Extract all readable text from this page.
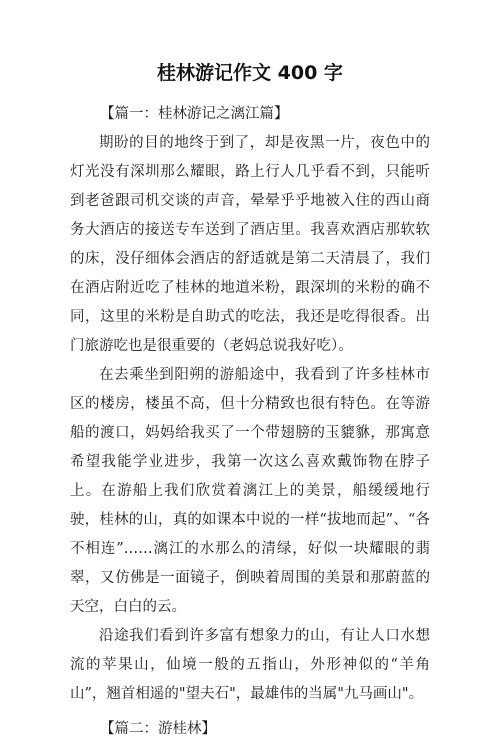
桂林游记作文 400 字
【篇一：桂林游记之漓江篇】

期盼的目的地终于到了，却是夜黑一片，夜色中的灯光没有深圳那么耀眼，路上行人几乎看不到，只能听到老爸跟司机交谈的声音，晕晕乎乎地被入住的西山商务大酒店的接送专车送到了酒店里。我喜欢酒店那软软的床，没仔细体会酒店的舒适就是第二天清晨了，我们在酒店附近吃了桂林的地道米粉，跟深圳的米粉的确不同，这里的米粉是自助式的吃法，我还是吃得很香。出门旅游吃也是很重要的（老妈总说我好吃）。

在去乘坐到阳朔的游船途中，我看到了许多桂林市区的楼房，楼虽不高，但十分精致也很有特色。在等游船的渡口，妈妈给我买了一个带翅膀的玉貔貅，那寓意希望我能学业进步，我第一次这么喜欢戴饰物在脖子上。在游船上我们欣赏着漓江上的美景，船缓缓地行驶，桂林的山，真的如课本中说的一样“拔地而起”、“各不相连”……漓江的水那么的清绿，好似一块耀眼的翡翠，又仿佛是一面镜子，倒映着周围的美景和那蔚蓝的天空，白白的云。

沿途我们看到许多富有想象力的山，有让人口水想流的苹果山，仙境一般的五指山，外形神似的“羊角山”，翘首相遥的"望夫石"，最雄伟的当属"九马画山"。

【篇二：游桂林】
